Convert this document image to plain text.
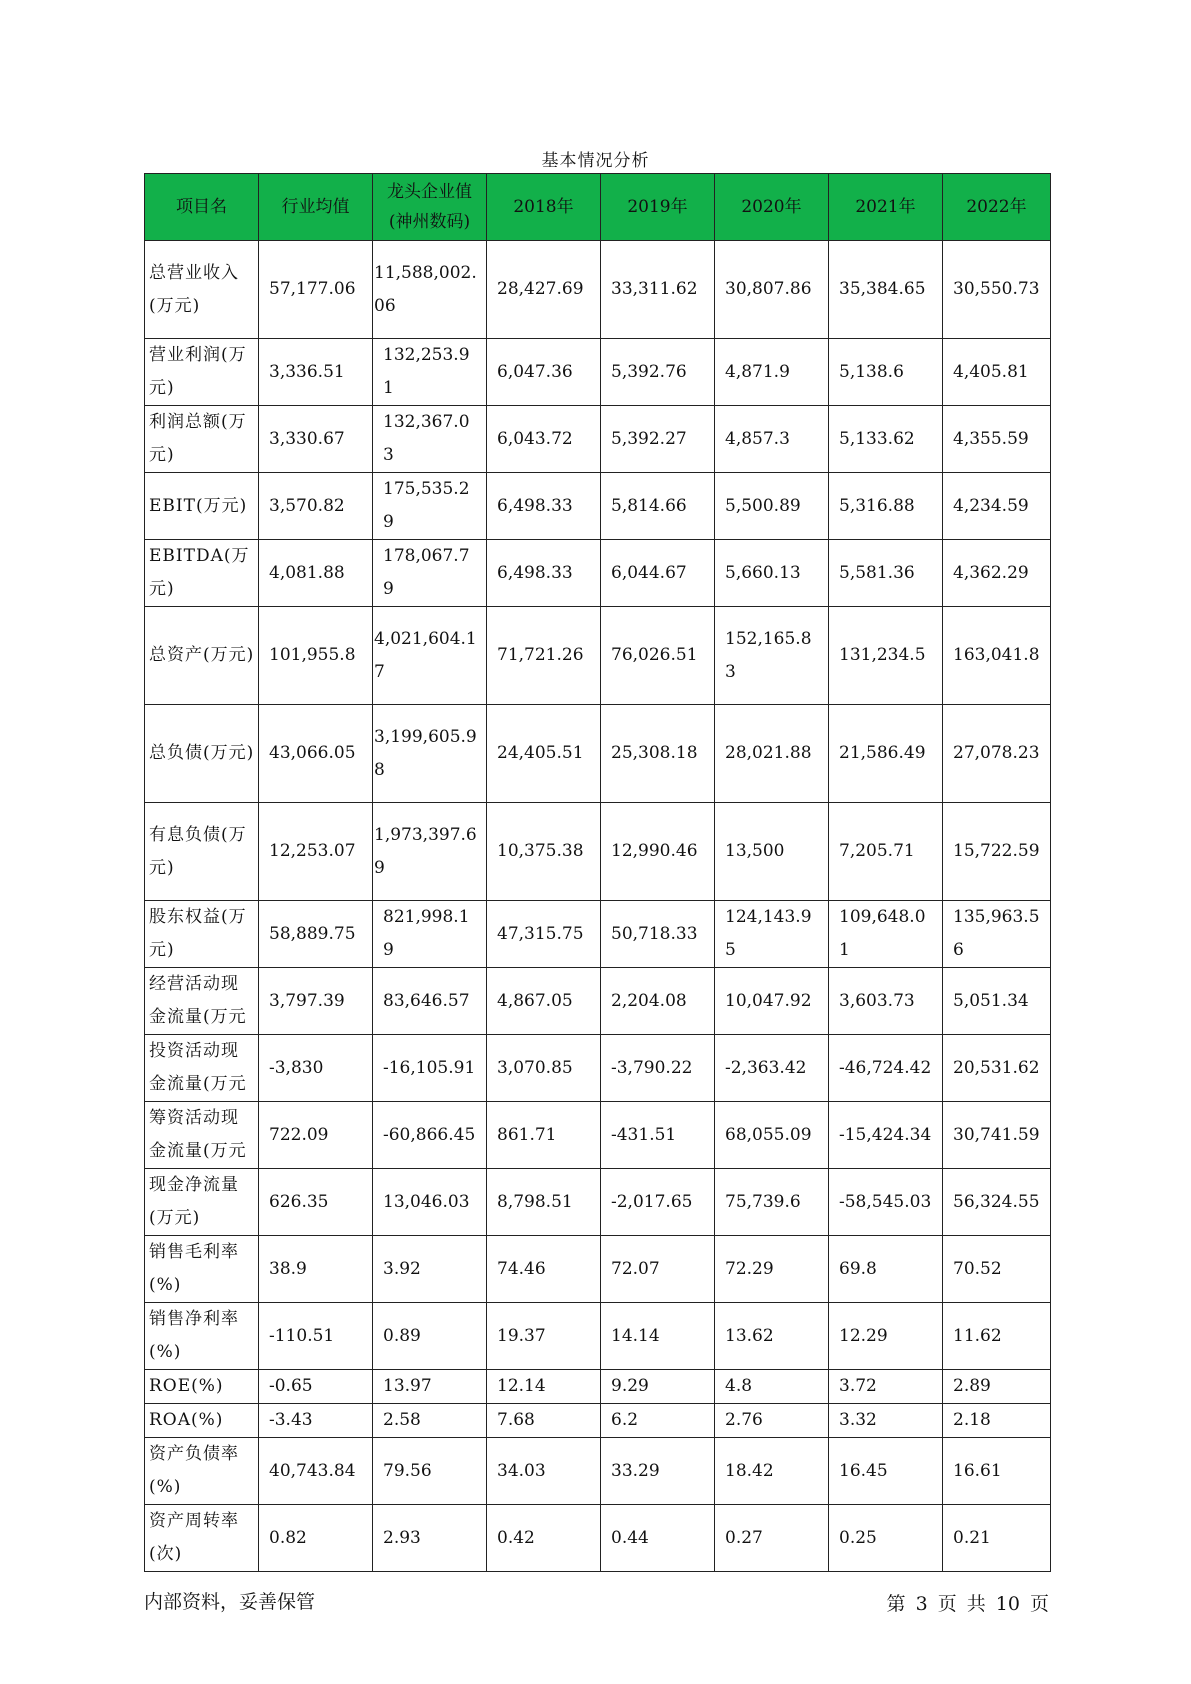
基本情况分析
项目名	行业均值	龙头企业值(神州数码)	2018年	2019年	2020年	2021年	2022年
总营业收入(万元)	57,177.06	11,588,002.06	28,427.69	33,311.62	30,807.86	35,384.65	30,550.73
营业利润(万元)	3,336.51	132,253.91	6,047.36	5,392.76	4,871.9	5,138.6	4,405.81
利润总额(万元)	3,330.67	132,367.03	6,043.72	5,392.27	4,857.3	5,133.62	4,355.59
EBIT(万元)	3,570.82	175,535.29	6,498.33	5,814.66	5,500.89	5,316.88	4,234.59
EBITDA(万元)	4,081.88	178,067.79	6,498.33	6,044.67	5,660.13	5,581.36	4,362.29
总资产(万元)	101,955.8	4,021,604.17	71,721.26	76,026.51	152,165.83	131,234.5	163,041.8
总负债(万元)	43,066.05	3,199,605.98	24,405.51	25,308.18	28,021.88	21,586.49	27,078.23
有息负债(万元)	12,253.07	1,973,397.69	10,375.38	12,990.46	13,500	7,205.71	15,722.59
股东权益(万元)	58,889.75	821,998.19	47,315.75	50,718.33	124,143.95	109,648.01	135,963.56
经营活动现金流量(万元	3,797.39	83,646.57	4,867.05	2,204.08	10,047.92	3,603.73	5,051.34
投资活动现金流量(万元	-3,830	-16,105.91	3,070.85	-3,790.22	-2,363.42	-46,724.42	20,531.62
筹资活动现金流量(万元	722.09	-60,866.45	861.71	-431.51	68,055.09	-15,424.34	30,741.59
现金净流量(万元)	626.35	13,046.03	8,798.51	-2,017.65	75,739.6	-58,545.03	56,324.55
销售毛利率(%)	38.9	3.92	74.46	72.07	72.29	69.8	70.52
销售净利率(%)	-110.51	0.89	19.37	14.14	13.62	12.29	11.62
ROE(%)	-0.65	13.97	12.14	9.29	4.8	3.72	2.89
ROA(%)	-3.43	2.58	7.68	6.2	2.76	3.32	2.18
资产负债率(%)	40,743.84	79.56	34.03	33.29	18.42	16.45	16.61
资产周转率(次)	0.82	2.93	0.42	0.44	0.27	0.25	0.21
内部资料，妥善保管	第 3 页 共 10 页
